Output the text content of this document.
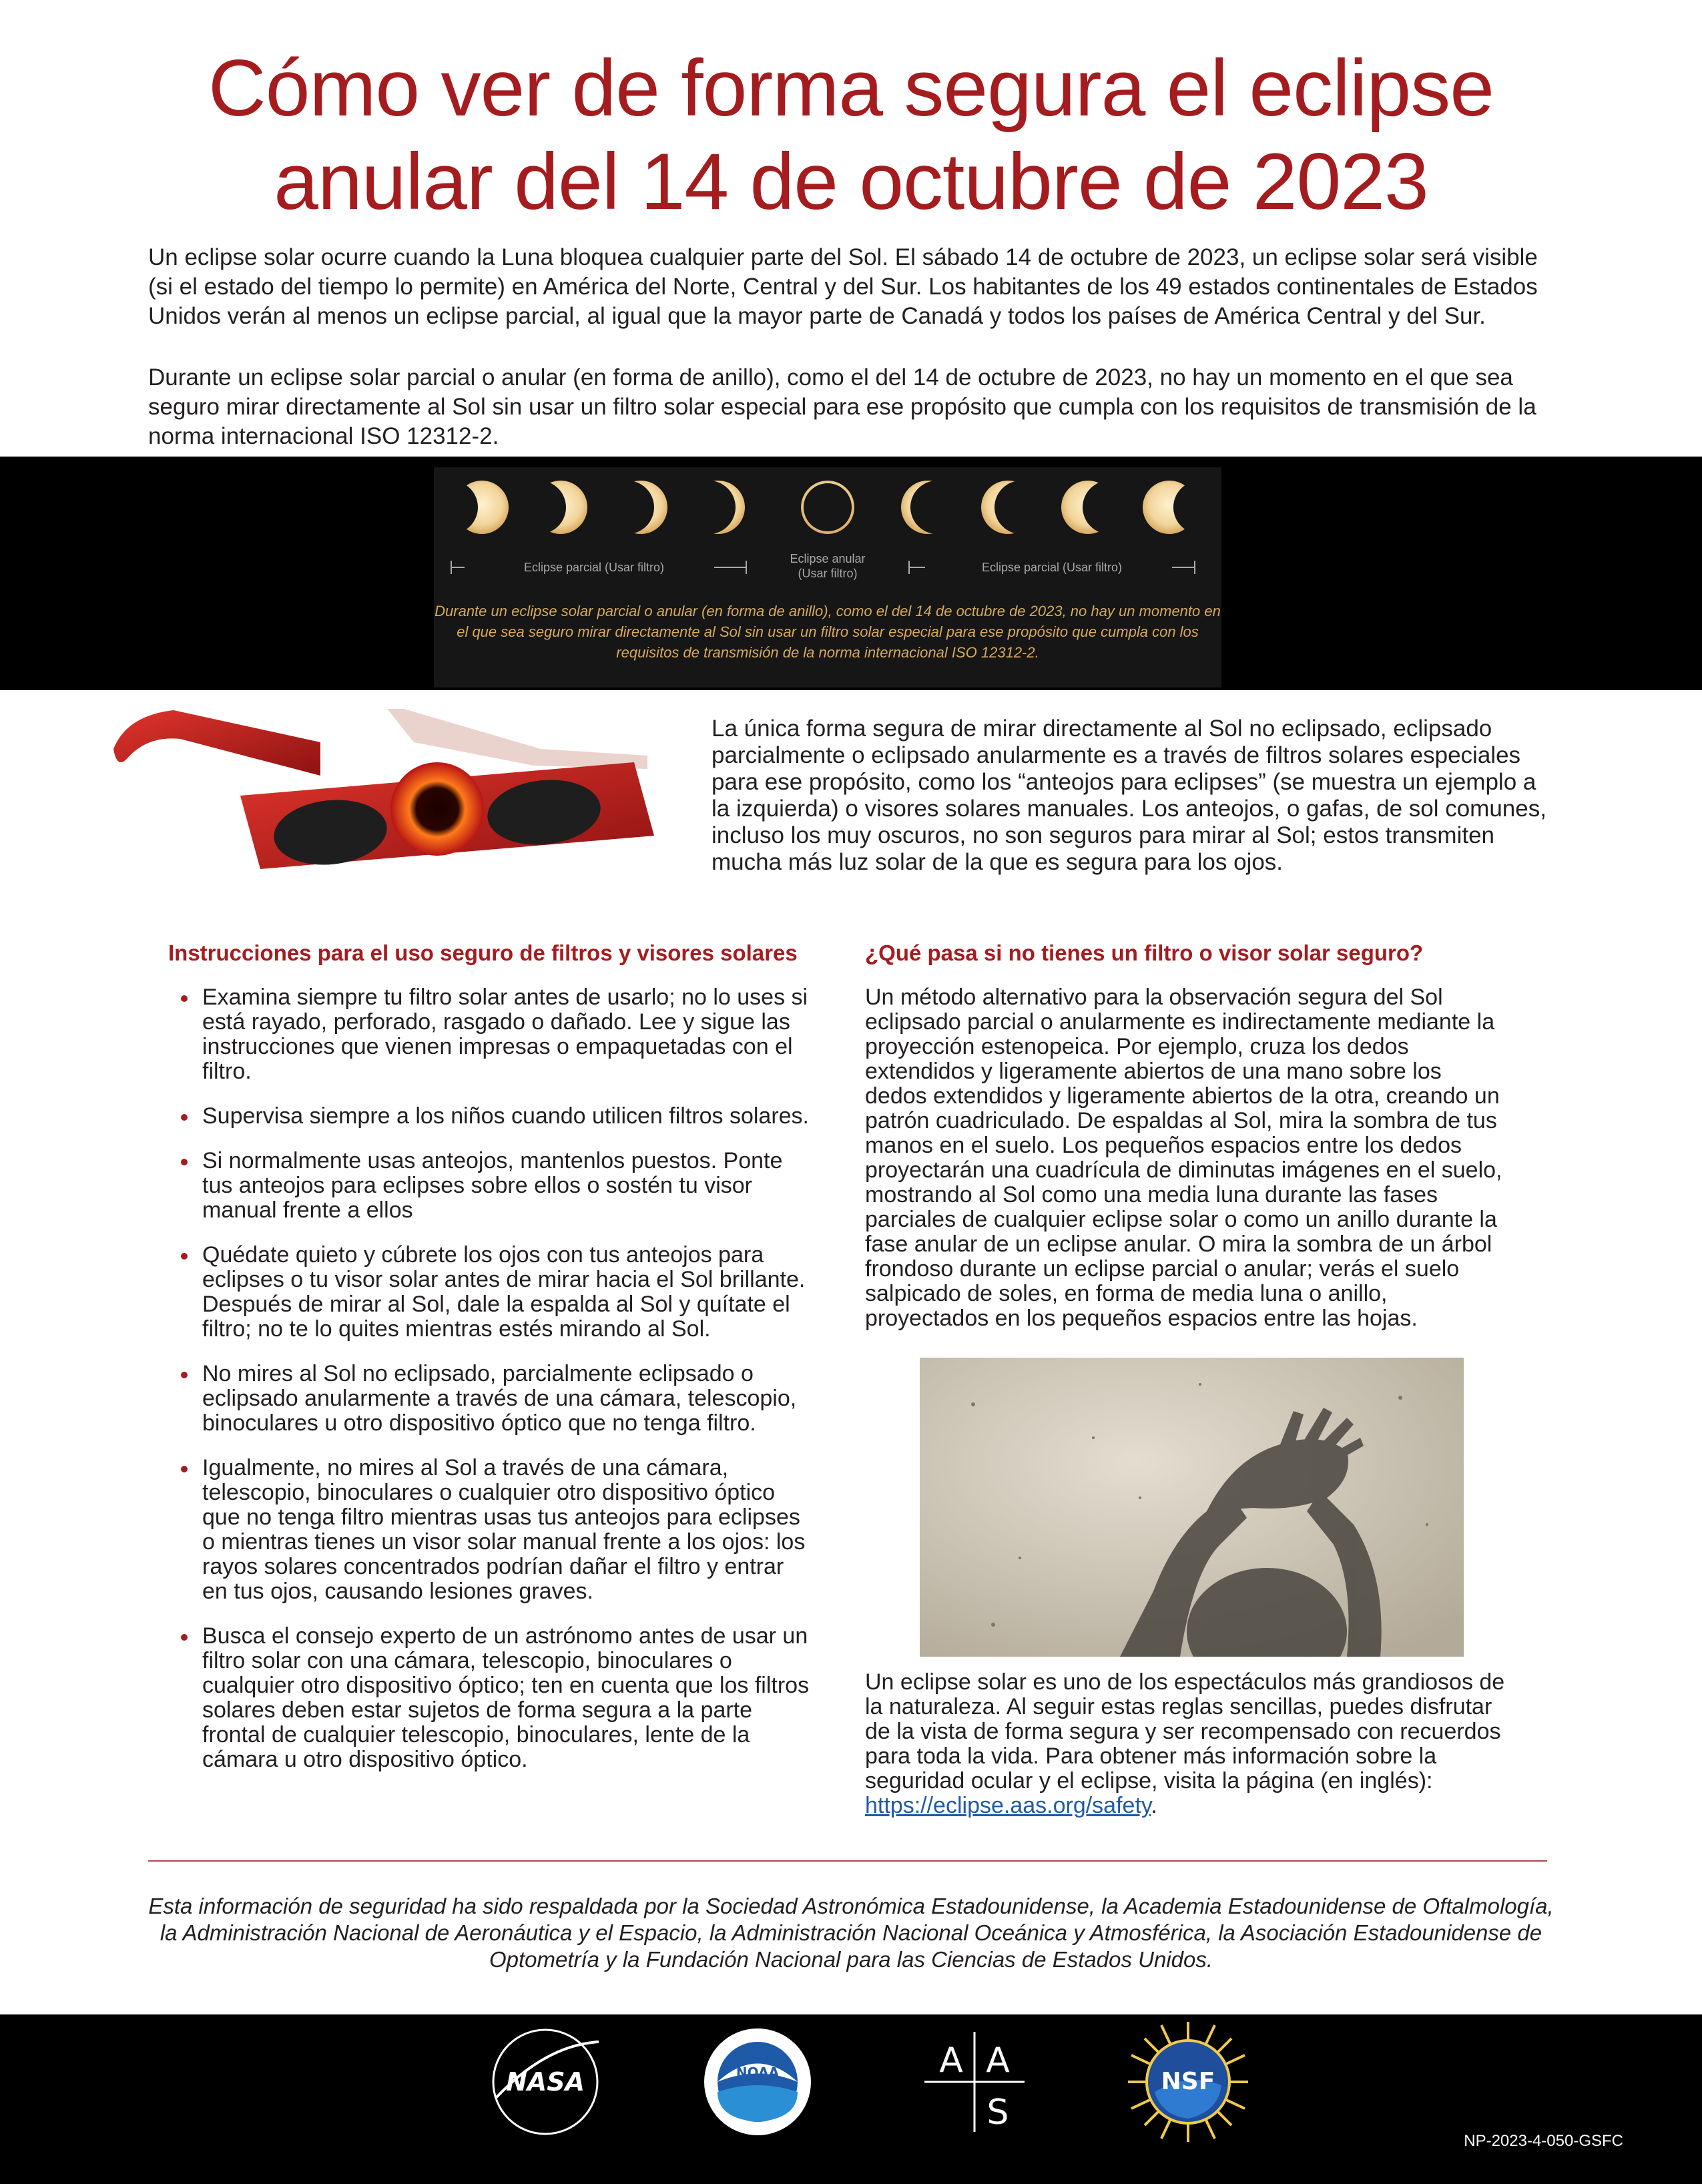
Cómo ver de forma segura el eclipse
anular del 14 de octubre de 2023

Un eclipse solar ocurre cuando la Luna bloquea cualquier parte del Sol. El sábado 14 de octubre de 2023, un eclipse solar será visible (si el estado del tiempo lo permite) en América del Norte, Central y del Sur. Los habitantes de los 49 estados continentales de Estados Unidos verán al menos un eclipse parcial, al igual que la mayor parte de Canadá y todos los países de América Central y del Sur.

Durante un eclipse solar parcial o anular (en forma de anillo), como el del 14 de octubre de 2023, no hay un momento en el que sea seguro mirar directamente al Sol sin usar un filtro solar especial para ese propósito que cumpla con los requisitos de transmisión de la norma internacional ISO 12312-2.

Eclipse parcial (Usar filtro)
Eclipse anular
(Usar filtro)	Eclipse parcial (Usar filtro)

Durante un eclipse solar parcial o anular (en forma de anillo), como el del 14 de octubre de 2023, no hay un momento en el que sea seguro mirar directamente al Sol sin usar un filtro solar especial para ese propósito que cumpla con los requisitos de transmisión de la norma internacional ISO 12312-2.

La única forma segura de mirar directamente al Sol no eclipsado, eclipsado parcialmente o eclipsado anularmente es a través de filtros solares especiales para ese propósito, como los “anteojos para eclipses” (se muestra un ejemplo a la izquierda) o visores solares manuales. Los anteojos, o gafas, de sol comunes, incluso los muy oscuros, no son seguros para mirar al Sol; estos transmiten mucha más luz solar de la que es segura para los ojos.

Instrucciones para el uso seguro de filtros y visores solares
Examina siempre tu filtro solar antes de usarlo; no lo uses si está rayado, perforado, rasgado o dañado. Lee y sigue las instrucciones que vienen impresas o empaquetadas con el filtro.
Supervisa siempre a los niños cuando utilicen filtros solares.
Si normalmente usas anteojos, mantenlos puestos. Ponte tus anteojos para eclipses sobre ellos o sostén tu visor manual frente a ellos
Quédate quieto y cúbrete los ojos con tus anteojos para eclipses o tu visor solar antes de mirar hacia el Sol brillante. Después de mirar al Sol, dale la espalda al Sol y quítate el filtro; no te lo quites mientras estés mirando al Sol.
No mires al Sol no eclipsado, parcialmente eclipsado o eclipsado anularmente a través de una cámara, telescopio, binoculares u otro dispositivo óptico que no tenga filtro.
Igualmente, no mires al Sol a través de una cámara, telescopio, binoculares o cualquier otro dispositivo óptico que no tenga filtro mientras usas tus anteojos para eclipses o mientras tienes un visor solar manual frente a los ojos: los rayos solares concentrados podrían dañar el filtro y entrar en tus ojos, causando lesiones graves.
Busca el consejo experto de un astrónomo antes de usar un filtro solar con una cámara, telescopio, binoculares o cualquier otro dispositivo óptico; ten en cuenta que los filtros solares deben estar sujetos de forma segura a la parte frontal de cualquier telescopio, binoculares, lente de la cámara u otro dispositivo óptico.
¿Qué pasa si no tienes un filtro o visor solar seguro?

Un método alternativo para la observación segura del Sol eclipsado parcial o anularmente es indirectamente mediante la proyección estenopeica. Por ejemplo, cruza los dedos extendidos y ligeramente abiertos de una mano sobre los dedos extendidos y ligeramente abiertos de la otra, creando un patrón cuadriculado. De espaldas al Sol, mira la sombra de tus manos en el suelo. Los pequeños espacios entre los dedos proyectarán una cuadrícula de diminutas imágenes en el suelo, mostrando al Sol como una media luna durante las fases parciales de cualquier eclipse solar o como un anillo durante la fase anular de un eclipse anular. O mira la sombra de un árbol frondoso durante un eclipse parcial o anular; verás el suelo salpicado de soles, en forma de media luna o anillo, proyectados en los pequeños espacios entre las hojas.

Un eclipse solar es uno de los espectáculos más grandiosos de la naturaleza. Al seguir estas reglas sencillas, puedes disfrutar de la vista de forma segura y ser recompensado con recuerdos para toda la vida. Para obtener más información sobre la seguridad ocular y el eclipse, visita la página (en inglés): https://eclipse.aas.org/safety.

Esta información de seguridad ha sido respaldada por la Sociedad Astronómica Estadounidense, la Academia Estadounidense de Oftalmología, la Administración Nacional de Aeronáutica y el Espacio, la Administración Nacional Oceánica y Atmosférica, la Asociación Estadounidense de Optometría y la Fundación Nacional para las Ciencias de Estados Unidos.

NASA	NOAA	A A
S
NSF
NP-2023-4-050-GSFC
